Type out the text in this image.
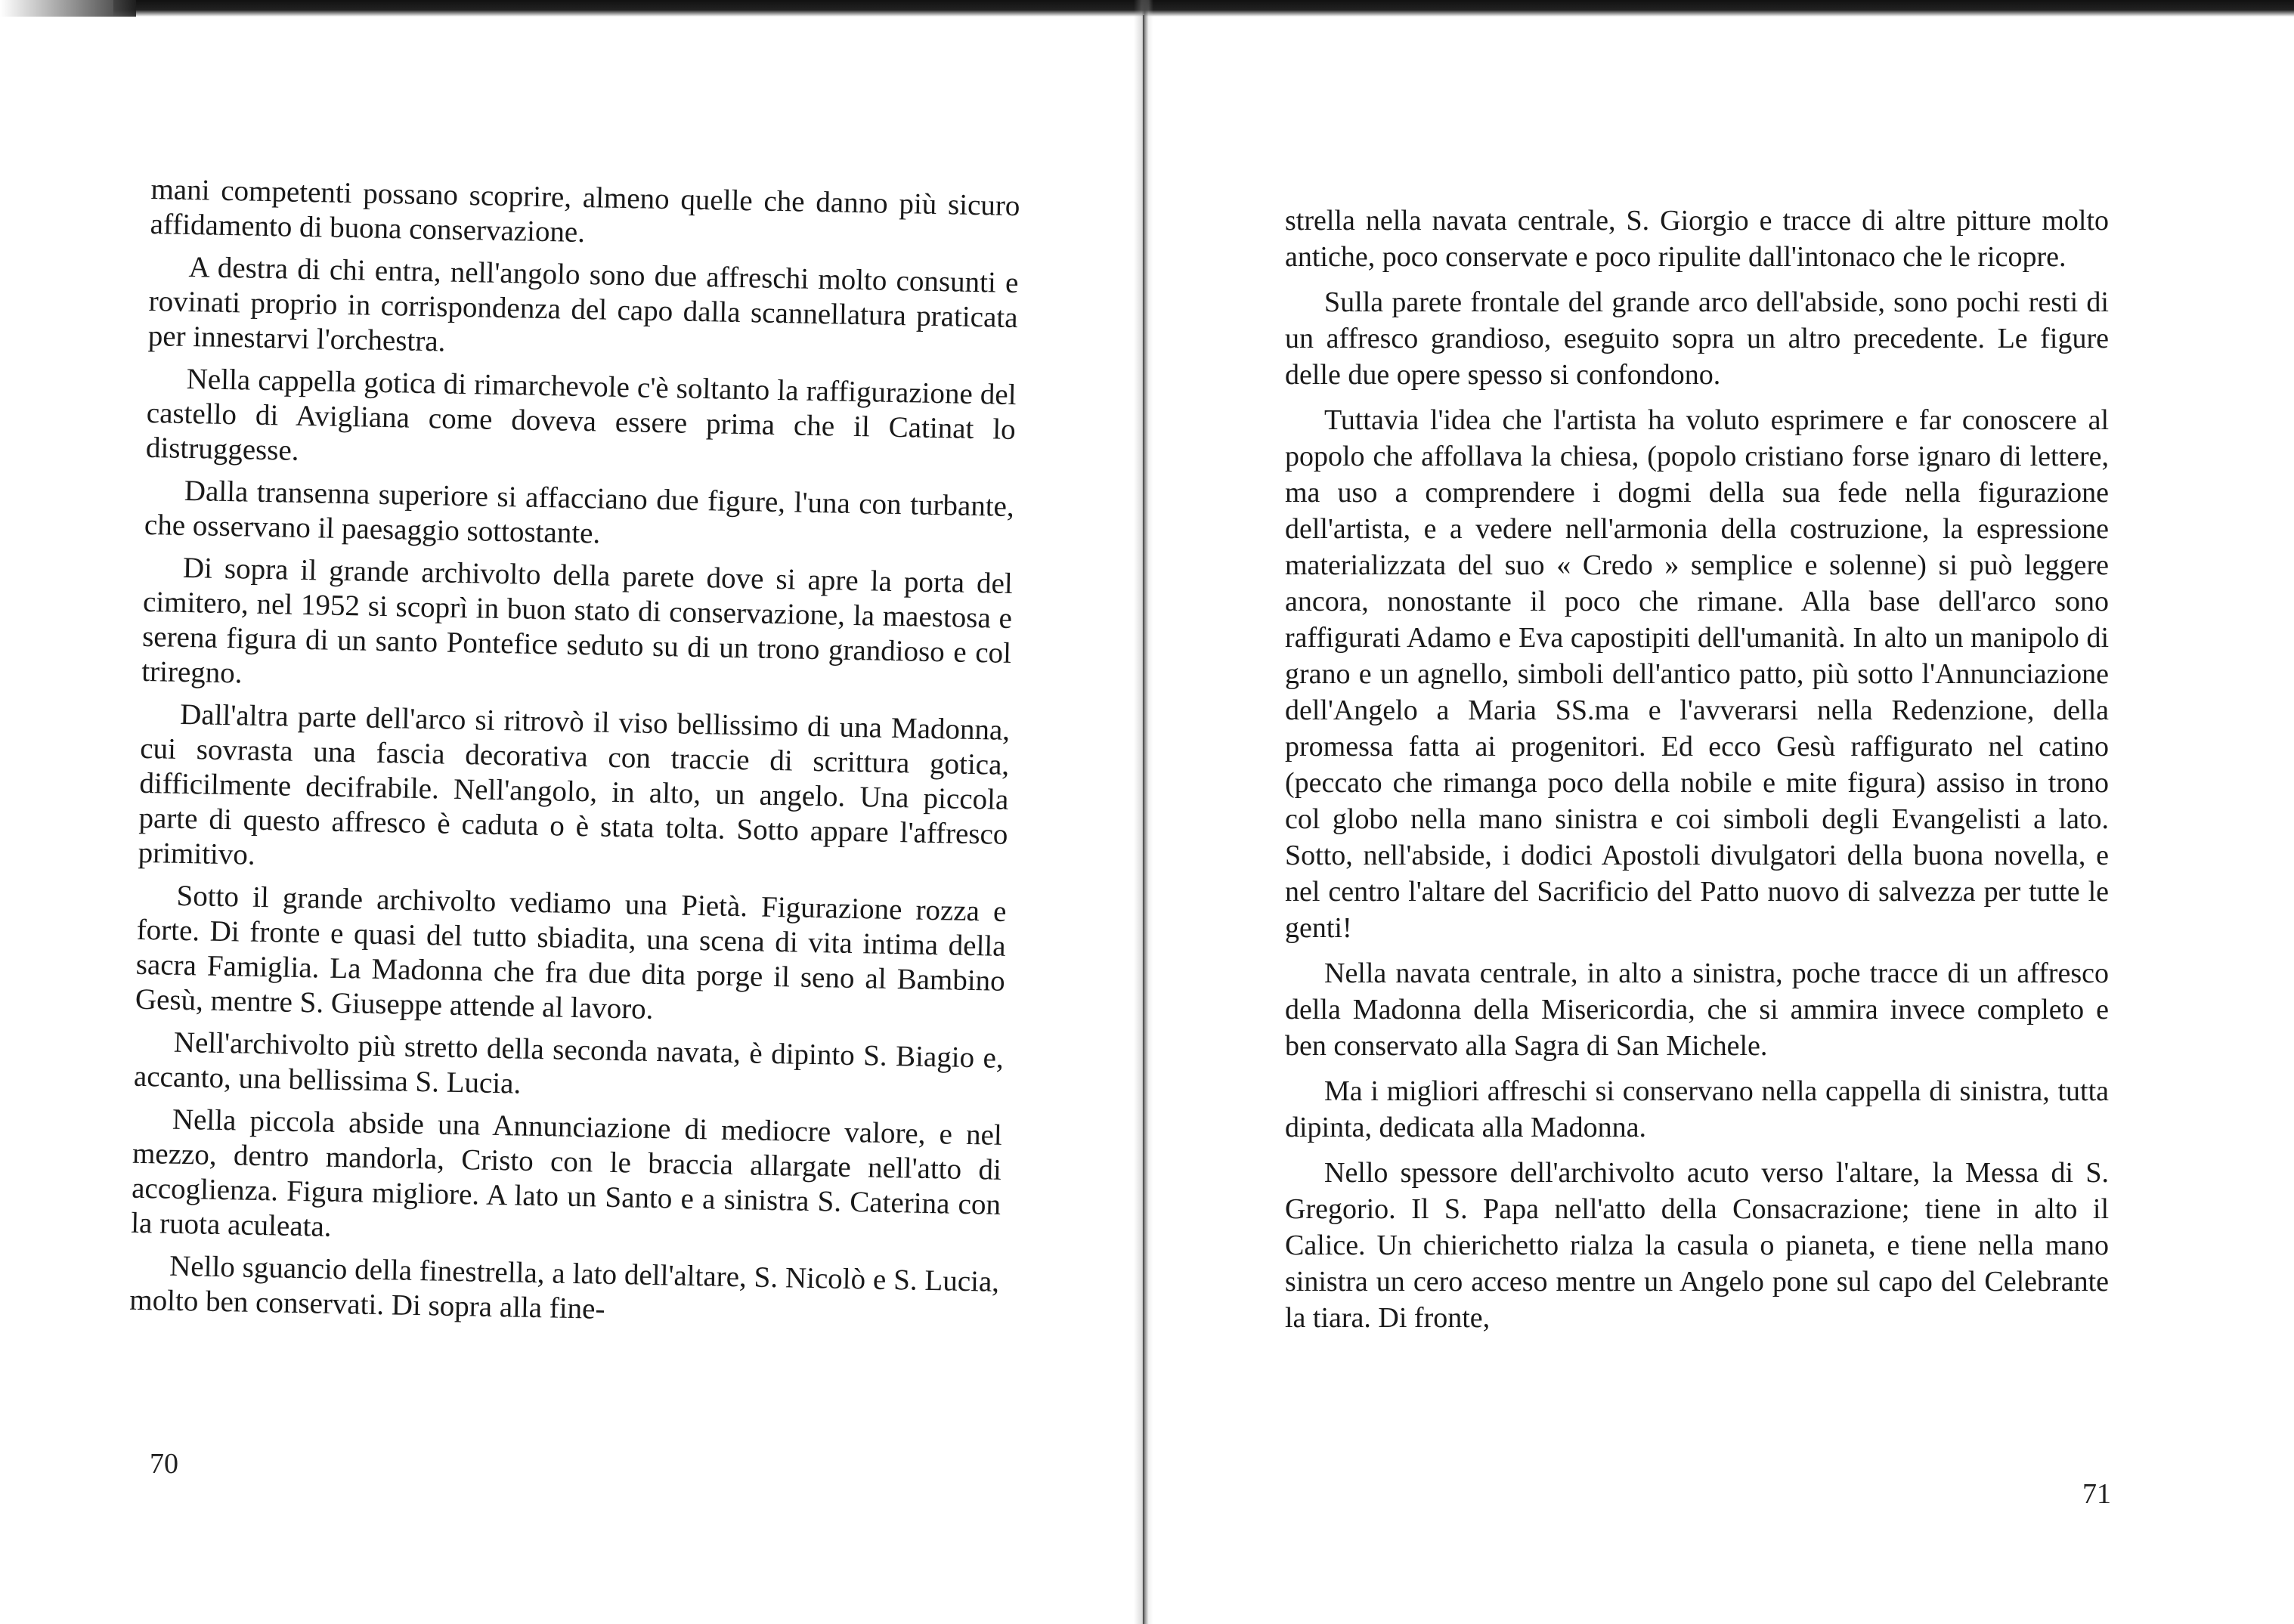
mani competenti possano scoprire, almeno quelle che danno più sicuro affidamento di buona conservazione.

A destra di chi entra, nell'angolo sono due affreschi molto consunti e rovinati proprio in corrispondenza del capo dalla scannellatura praticata per innestarvi l'orchestra.

Nella cappella gotica di rimarchevole c'è soltanto la raffigurazione del castello di Avigliana come doveva essere prima che il Catinat lo distruggesse.

Dalla transenna superiore si affacciano due figure, l'una con turbante, che osservano il paesaggio sottostante.

Di sopra il grande archivolto della parete dove si apre la porta del cimitero, nel 1952 si scoprì in buon stato di conservazione, la maestosa e serena figura di un santo Pontefice seduto su di un trono grandioso e col triregno.

Dall'altra parte dell'arco si ritrovò il viso bellissimo di una Madonna, cui sovrasta una fascia decorativa con traccie di scrittura gotica, difficilmente decifrabile. Nell'angolo, in alto, un angelo. Una piccola parte di questo affresco è caduta o è stata tolta. Sotto appare l'affresco primitivo.

Sotto il grande archivolto vediamo una Pietà. Figurazione rozza e forte. Di fronte e quasi del tutto sbiadita, una scena di vita intima della sacra Famiglia. La Madonna che fra due dita porge il seno al Bambino Gesù, mentre S. Giuseppe attende al lavoro.

Nell'archivolto più stretto della seconda navata, è dipinto S. Biagio e, accanto, una bellissima S. Lucia.

Nella piccola abside una Annunciazione di mediocre valore, e nel mezzo, dentro mandorla, Cristo con le braccia allargate nell'atto di accoglienza. Figura migliore. A lato un Santo e a sinistra S. Caterina con la ruota aculeata.

Nello sguancio della finestrella, a lato dell'altare, S. Nicolò e S. Lucia, molto ben conservati. Di sopra alla fine-

70

strella nella navata centrale, S. Giorgio e tracce di altre pitture molto antiche, poco conservate e poco ripulite dall'intonaco che le ricopre.

Sulla parete frontale del grande arco dell'abside, sono pochi resti di un affresco grandioso, eseguito sopra un altro precedente. Le figure delle due opere spesso si confondono.

Tuttavia l'idea che l'artista ha voluto esprimere e far conoscere al popolo che affollava la chiesa, (popolo cristiano forse ignaro di lettere, ma uso a comprendere i dogmi della sua fede nella figurazione dell'artista, e a vedere nell'armonia della costruzione, la espressione materializzata del suo « Credo » semplice e solenne) si può leggere ancora, nonostante il poco che rimane. Alla base dell'arco sono raffigurati Adamo e Eva capostipiti dell'umanità. In alto un manipolo di grano e un agnello, simboli dell'antico patto, più sotto l'Annunciazione dell'Angelo a Maria SS.ma e l'avverarsi nella Redenzione, della promessa fatta ai progenitori. Ed ecco Gesù raffigurato nel catino (peccato che rimanga poco della nobile e mite figura) assiso in trono col globo nella mano sinistra e coi simboli degli Evangelisti a lato. Sotto, nell'abside, i dodici Apostoli divulgatori della buona novella, e nel centro l'altare del Sacrificio del Patto nuovo di salvezza per tutte le genti!

Nella navata centrale, in alto a sinistra, poche tracce di un affresco della Madonna della Misericordia, che si ammira invece completo e ben conservato alla Sagra di San Michele.

Ma i migliori affreschi si conservano nella cappella di sinistra, tutta dipinta, dedicata alla Madonna.

Nello spessore dell'archivolto acuto verso l'altare, la Messa di S. Gregorio. Il S. Papa nell'atto della Consacrazione; tiene in alto il Calice. Un chierichetto rialza la casula o pianeta, e tiene nella mano sinistra un cero acceso mentre un Angelo pone sul capo del Celebrante la tiara. Di fronte,

71
